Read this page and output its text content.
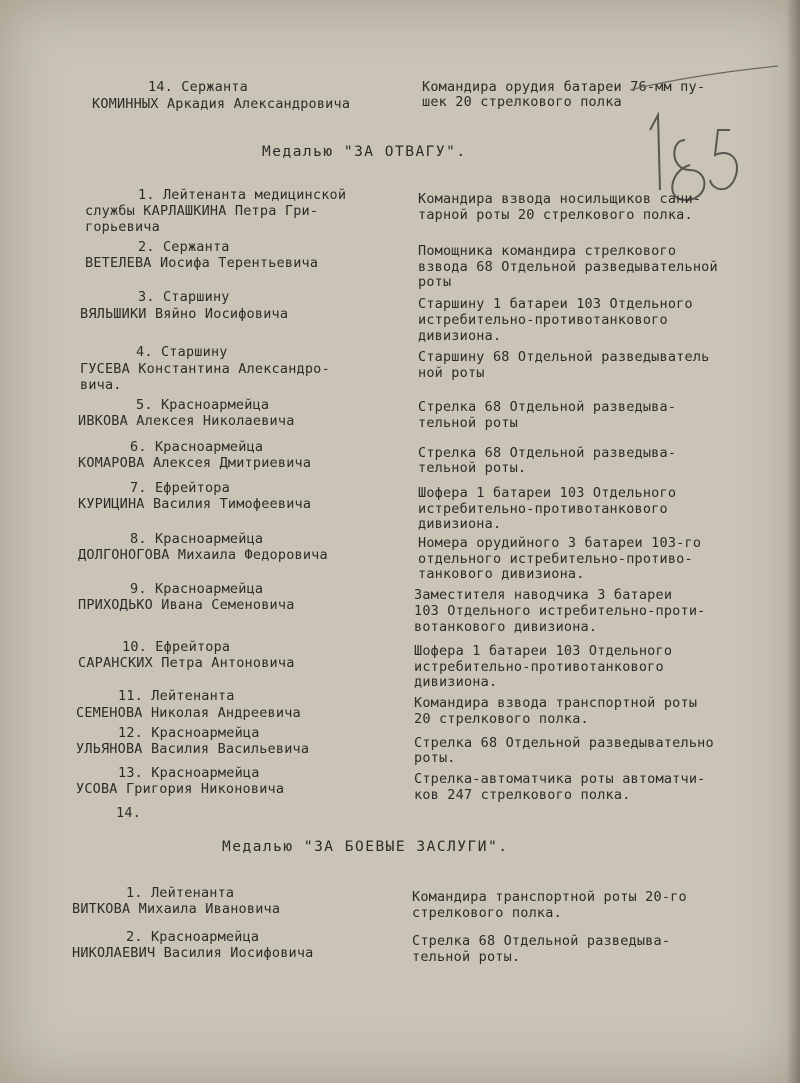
14. Сержанта
КОМИННЫХ Аркадия Александровича
Командира орудия батареи 76-мм пу-
шек 20 стрелкового полка
Медалью "ЗА ОТВАГУ".
1. Лейтенанта медицинской
службы КАРЛАШКИНА Петра Гри-
горьевича
Командира взвода носильщиков сани-
тарной роты 20 стрелкового полка.
2. Сержанта
ВЕТЕЛЕВА Иосифа Терентьевича
Помощника командира стрелкового
взвода 68 Отдельной разведывательной
роты
3. Старшину
ВЯЛЬШИКИ Вяйно Иосифовича
Старшину 1 батареи 103 Отдельного
истребительно-противотанкового
дивизиона.
4. Старшину
ГУСЕВА Константина Александро-
вича.
Старшину 68 Отдельной разведыватель
ной роты
5. Красноармейца
ИВКОВА Алексея Николаевича
Стрелка 68 Отдельной разведыва-
тельной роты
6. Красноармейца
КОМАРОВА Алексея Дмитриевича
Стрелка 68 Отдельной разведыва-
тельной роты.
7. Ефрейтора
КУРИЦИНА Василия Тимофеевича
Шофера 1 батареи 103 Отдельного
истребительно-противотанкового
дивизиона.
8. Красноармейца
ДОЛГОНОГОВА Михаила Федоровича
Номера орудийного 3 батареи 103-го
отдельного истребительно-противо-
танкового дивизиона.
9. Красноармейца
ПРИХОДЬКО Ивана Семеновича
Заместителя наводчика 3 батареи
103 Отдельного истребительно-проти-
вотанкового дивизиона.
10. Ефрейтора
САРАНСКИХ Петра Антоновича
Шофера 1 батареи 103 Отдельного
истребительно-противотанкового
дивизиона.
11. Лейтенанта
СЕМЕНОВА Николая Андреевича
Командира взвода транспортной роты
20 стрелкового полка.
12. Красноармейца
УЛЬЯНОВА Василия Васильевича	Стрелка 68 Отдельной разведывательно
роты.
13. Красноармейца
УСОВА Григория Никоновича
Стрелка-автоматчика роты автоматчи-
ков 247 стрелкового полка.
14.
Медалью "ЗА БОЕВЫЕ ЗАСЛУГИ".
1. Лейтенанта
ВИТКОВА Михаила Ивановича
Командира транспортной роты 20-го
стрелкового полка.
2. Красноармейца
НИКОЛАЕВИЧ Василия Иосифовича
Стрелка 68 Отдельной разведыва-
тельной роты.
